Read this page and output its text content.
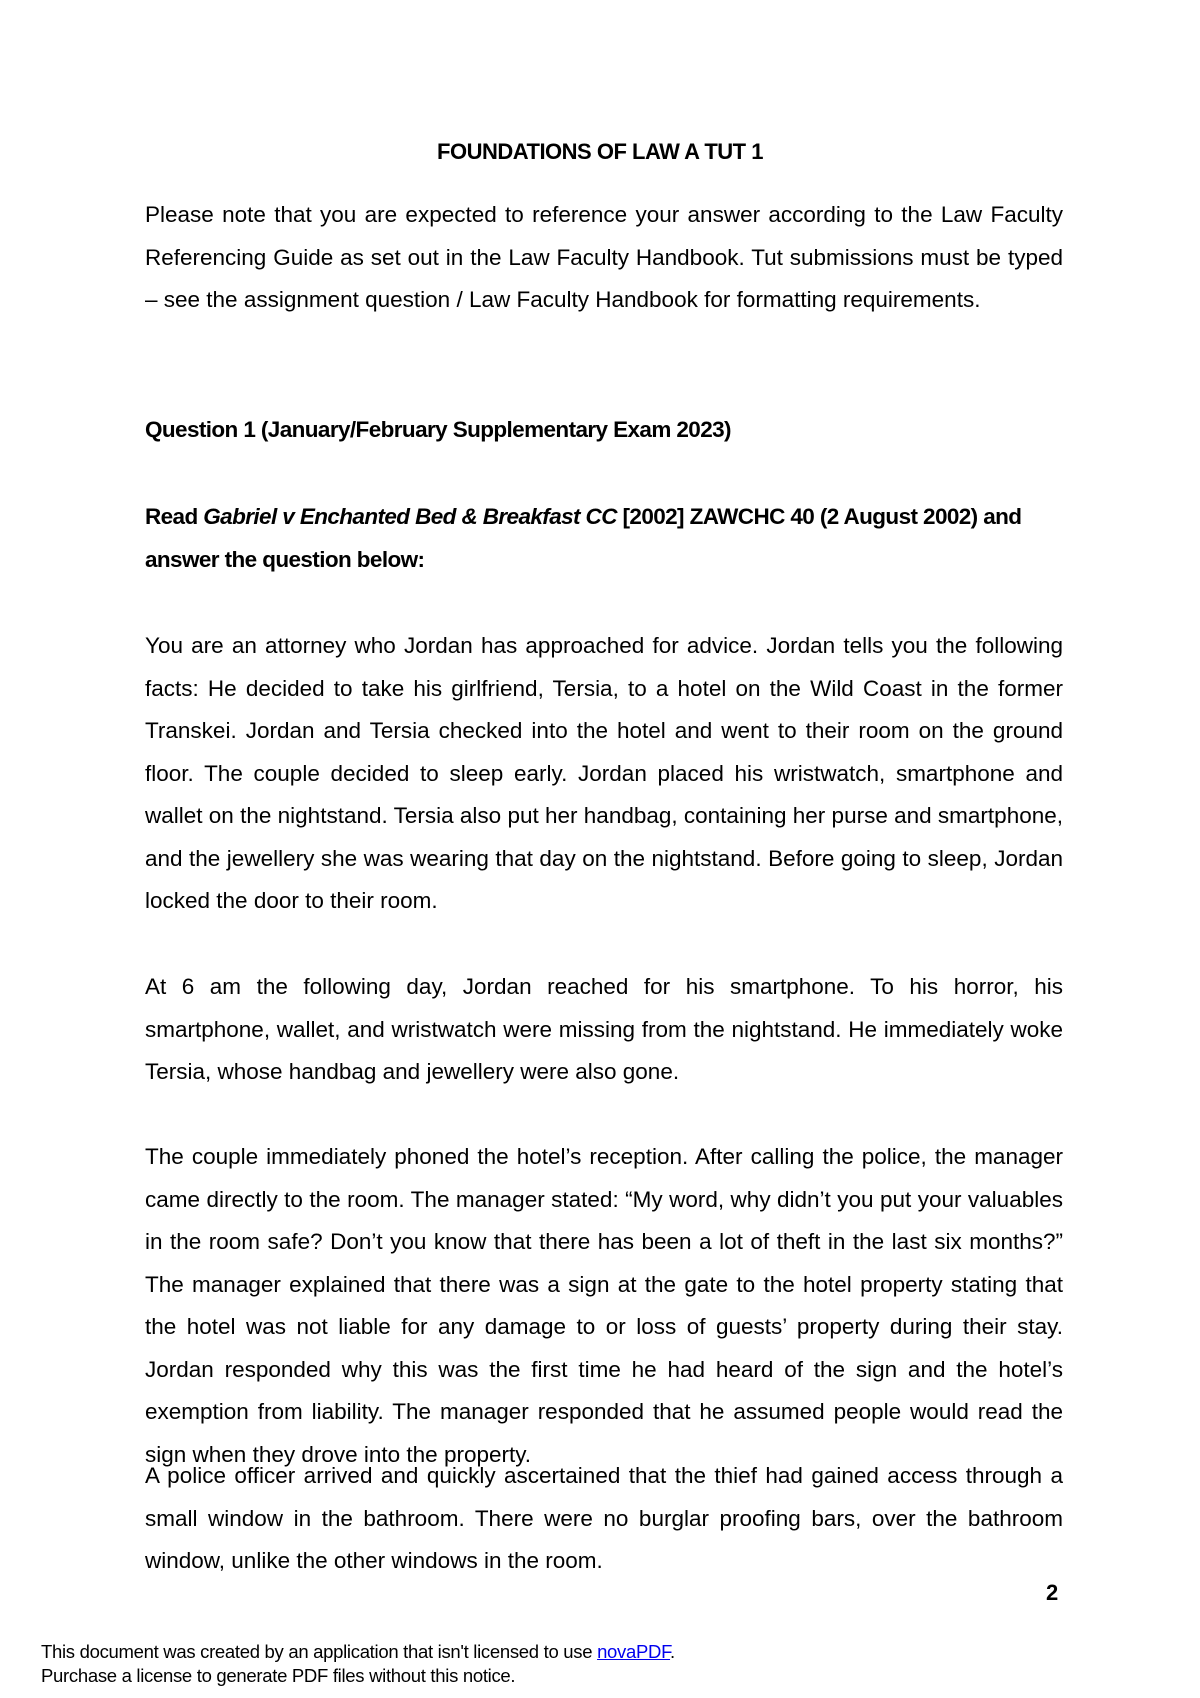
FOUNDATIONS OF LAW A TUT 1

Please note that you are expected to reference your answer according to the Law Faculty Referencing Guide as set out in the Law Faculty Handbook. Tut submissions must be typed – see the assignment question / Law Faculty Handbook for formatting requirements.

Question 1 (January/February Supplementary Exam 2023)

Read Gabriel v Enchanted Bed & Breakfast CC [2002] ZAWCHC 40 (2 August 2002) and answer the question below:

You are an attorney who Jordan has approached for advice. Jordan tells you the following facts: He decided to take his girlfriend, Tersia, to a hotel on the Wild Coast in the former Transkei. Jordan and Tersia checked into the hotel and went to their room on the ground floor. The couple decided to sleep early. Jordan placed his wristwatch, smartphone and wallet on the nightstand. Tersia also put her handbag, containing her purse and smartphone, and the jewellery she was wearing that day on the nightstand. Before going to sleep, Jordan locked the door to their room.

At 6 am the following day, Jordan reached for his smartphone. To his horror, his smartphone, wallet, and wristwatch were missing from the nightstand. He immediately woke Tersia, whose handbag and jewellery were also gone.

The couple immediately phoned the hotel’s reception. After calling the police, the manager came directly to the room. The manager stated: “My word, why didn’t you put your valuables in the room safe? Don’t you know that there has been a lot of theft in the last six months?” The manager explained that there was a sign at the gate to the hotel property stating that the hotel was not liable for any damage to or loss of guests’ property during their stay. Jordan responded why this was the first time he had heard of the sign and the hotel’s exemption from liability. The manager responded that he assumed people would read the sign when they drove into the property.

A police officer arrived and quickly ascertained that the thief had gained access through a small window in the bathroom. There were no burglar proofing bars, over the bathroom window, unlike the other windows in the room.

2
This document was created by an application that isn't licensed to use novaPDF.
Purchase a license to generate PDF files without this notice.
